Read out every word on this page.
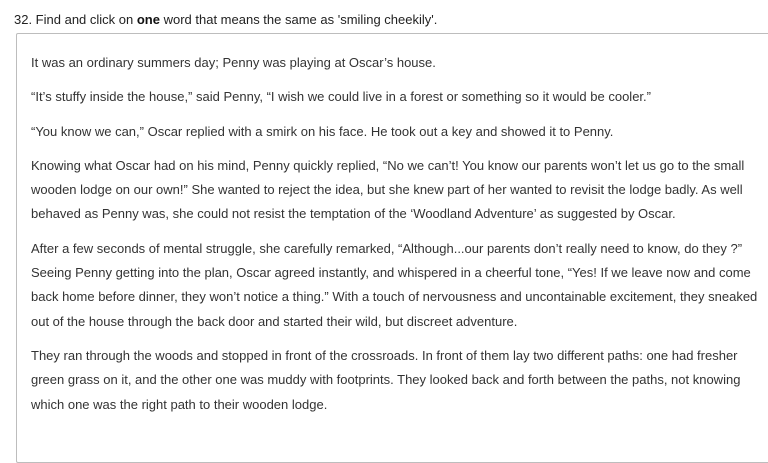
32. Find and click on one word that means the same as 'smiling cheekily'.

It was an ordinary summers day; Penny was playing at Oscar’s house.

“It’s stuffy inside the house,” said Penny, “I wish we could live in a forest or something so it would be cooler.”

“You know we can,” Oscar replied with a smirk on his face. He took out a key and showed it to Penny.

Knowing what Oscar had on his mind, Penny quickly replied, “No we can’t! You know our parents won’t let us go to the small wooden lodge on our own!” She wanted to reject the idea, but she knew part of her wanted to revisit the lodge badly. As well behaved as Penny was, she could not resist the temptation of the ‘Woodland Adventure’ as suggested by Oscar.

After a few seconds of mental struggle, she carefully remarked, “Although...our parents don’t really need to know, do they ?” Seeing Penny getting into the plan, Oscar agreed instantly, and whispered in a cheerful tone, “Yes! If we leave now and come back home before dinner, they won’t notice a thing.” With a touch of nervousness and uncontainable excitement, they sneaked out of the house through the back door and started their wild, but discreet adventure.

They ran through the woods and stopped in front of the crossroads. In front of them lay two different paths: one had fresher green grass on it, and the other one was muddy with footprints. They looked back and forth between the paths, not knowing which one was the right path to their wooden lodge.
